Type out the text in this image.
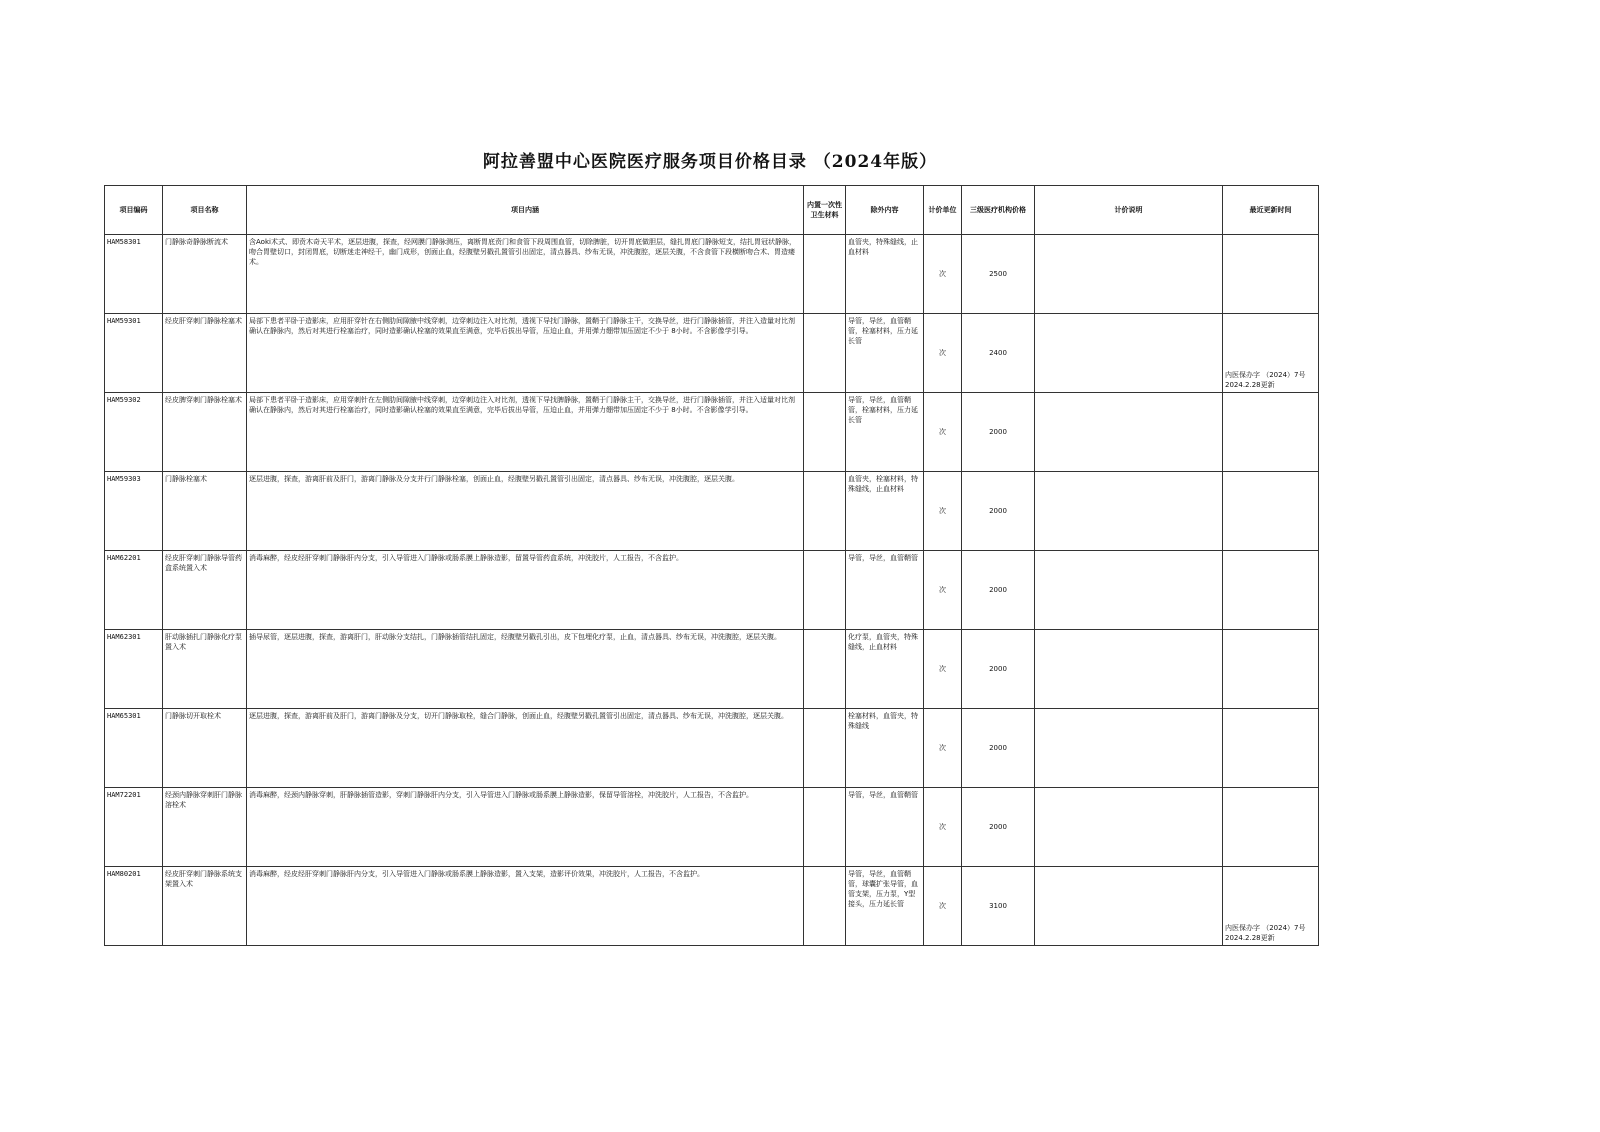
阿拉善盟中心医院医疗服务项目价格目录 （2024年版）
项目编码	项目名称	项目内涵	内置一次性卫生材料	除外内容	计价单位	三级医疗机构价格	计价说明	最近更新时间
HAM58301	门静脉奇静脉断流术	含Aoki术式、即贲木奇天平术，逐层进腹，探查，经网膜门静脉测压，离断胃底贲门和食管下段周围血管，切除脾脏，切开胃底做胆层，缝扎胃底门静脉短支，结扎胃冠状静脉，吻合胃壁切口，封闭胃底，切断迷走神经干，幽门成形，创面止血，经腹壁另戳孔置管引出固定，清点器具、纱布无误，冲洗腹腔，逐层关腹，不含食管下段横断吻合术、胃造瘘术。		血管夹，特殊缝线，止血材料	次	2500		
HAM59301	经皮肝穿刺门静脉栓塞术	局部下患者平卧于造影床，应用肝穿针在右侧肋间隙腋中线穿刺，边穿刺边注入对比剂，透视下导找门静脉，置鞘于门静脉主干，交换导丝，进行门静脉插管，并注入造量对比剂确认在静脉内，然后对其进行栓塞治疗，同时造影确认栓塞的效果直至满意，完毕后拔出导管，压迫止血，并用弹力绷带加压固定不少于 8小时。不含影像学引导。		导管，导丝，血管鞘管，栓塞材料，压力延长管	次	2400		内医保办字 （2024）7号 2024.2.28更新
HAM59302	经皮脾穿刺门静脉栓塞术	局部下患者平卧于造影床，应用穿刺针在左侧肋间隙腋中线穿刺，边穿刺边注入对比剂，透视下导找脾静脉，置鞘于门静脉主干，交换导丝，进行门静脉插管，并注入适量对比剂确认在静脉内，然后对其进行栓塞治疗，同时造影确认栓塞的效果直至满意，完毕后拔出导管，压迫止血，并用弹力绷带加压固定不少于 8小时。不含影像学引导。		导管，导丝，血管鞘管，栓塞材料，压力延长管	次	2000		
HAM59303	门静脉栓塞术	逐层进腹，探查，游离肝前及肝门，游离门静脉及分支并行门静脉栓塞，创面止血，经腹壁另戳孔置管引出固定，清点器具、纱布无误，冲洗腹腔，逐层关腹。		血管夹，栓塞材料，特殊缝线，止血材料	次	2000		
HAM62201	经皮肝穿刺门静脉导管药盒系统置入术	消毒麻醉，经皮经肝穿刺门静脉肝内分支，引入导管进入门静脉或肠系膜上静脉造影，留置导管药盒系统，冲洗胶片，人工报告，不含监护。		导管，导丝，血管鞘管	次	2000		
HAM62301	肝动脉插扎门静脉化疗泵置入术	插导尿管，逐层进腹，探查，游离肝门，肝动脉分支结扎，门静脉插管结扎固定，经腹壁另戳孔引出，皮下包埋化疗泵，止血，清点器具、纱布无误，冲洗腹腔，逐层关腹。		化疗泵，血管夹，特殊缝线，止血材料	次	2000		
HAM65301	门静脉切开取栓术	逐层进腹，探查，游离肝前及肝门，游离门静脉及分支，切开门静脉取栓，缝合门静脉，创面止血，经腹壁另戳孔置管引出固定，清点器具、纱布无误，冲洗腹腔，逐层关腹。		栓塞材料，血管夹，特殊缝线	次	2000		
HAM72201	经颈内静脉穿刺肝门静脉溶栓术	消毒麻醉，经颈内静脉穿刺，肝静脉插管造影，穿刺门静脉肝内分支，引入导管进入门静脉或肠系膜上静脉造影，保留导管溶栓，冲洗胶片，人工报告，不含监护。		导管，导丝，血管鞘管	次	2000		
HAM80201	经皮肝穿刺门静脉系统支架置入术	消毒麻醉，经皮经肝穿刺门静脉肝内分支，引入导管进入门静脉或肠系膜上静脉造影，置入支架，造影评价效果，冲洗胶片，人工报告，不含监护。		导管，导丝，血管鞘管，球囊扩张导管，血管支架，压力泵，Y型接头，压力延长管	次	3100		内医保办字 （2024）7号 2024.2.28更新
